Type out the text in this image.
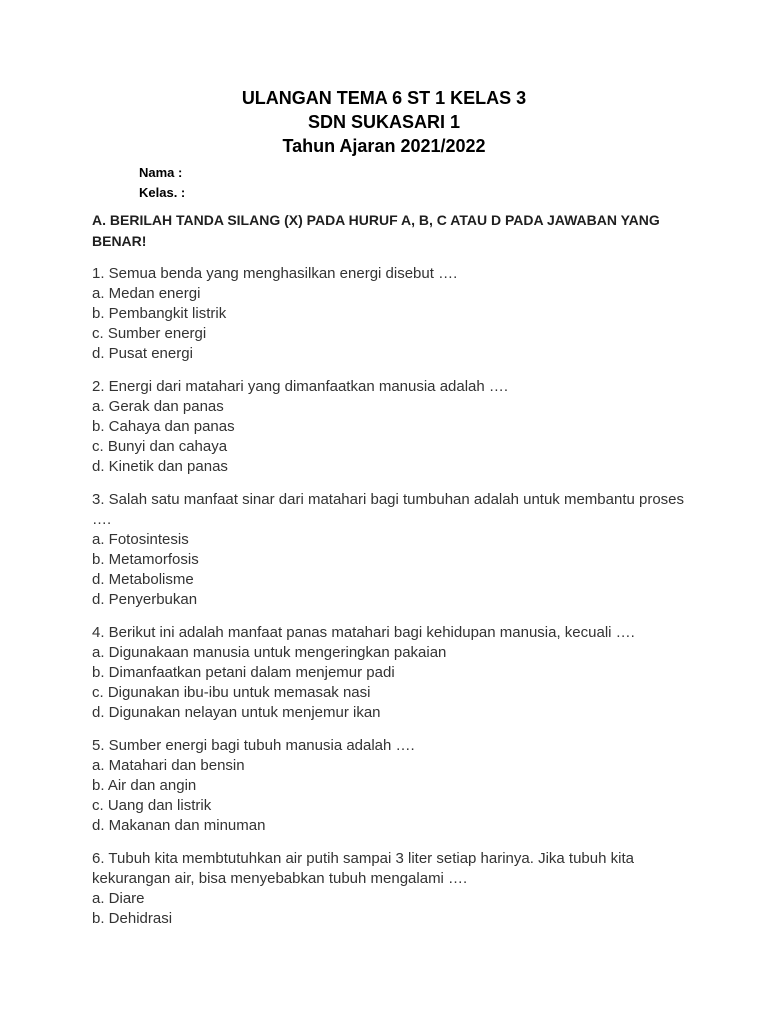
ULANGAN TEMA 6 ST 1 KELAS 3
SDN SUKASARI 1
Tahun Ajaran 2021/2022
Nama :
Kelas. :
A. BERILAH TANDA SILANG (X) PADA HURUF A, B, C ATAU D PADA JAWABAN YANG BENAR!
1. Semua benda yang menghasilkan energi disebut ….
a. Medan energi
b. Pembangkit listrik
c. Sumber energi
d. Pusat energi
2. Energi dari matahari yang dimanfaatkan manusia adalah ….
a. Gerak dan panas
b. Cahaya dan panas
c. Bunyi dan cahaya
d. Kinetik dan panas
3. Salah satu manfaat sinar dari matahari bagi tumbuhan adalah untuk membantu proses ….
a. Fotosintesis
b. Metamorfosis
d. Metabolisme
d. Penyerbukan
4. Berikut ini adalah manfaat panas matahari bagi kehidupan manusia, kecuali ….
a. Digunakaan manusia untuk mengeringkan pakaian
b. Dimanfaatkan petani dalam menjemur padi
c. Digunakan ibu-ibu untuk memasak nasi
d. Digunakan nelayan untuk menjemur ikan
5. Sumber energi bagi tubuh manusia adalah ….
a. Matahari dan bensin
b. Air dan angin
c. Uang dan listrik
d. Makanan dan minuman
6. Tubuh kita membtutuhkan air putih sampai 3 liter setiap harinya. Jika tubuh kita kekurangan air, bisa menyebabkan tubuh mengalami ….
a. Diare
b. Dehidrasi
